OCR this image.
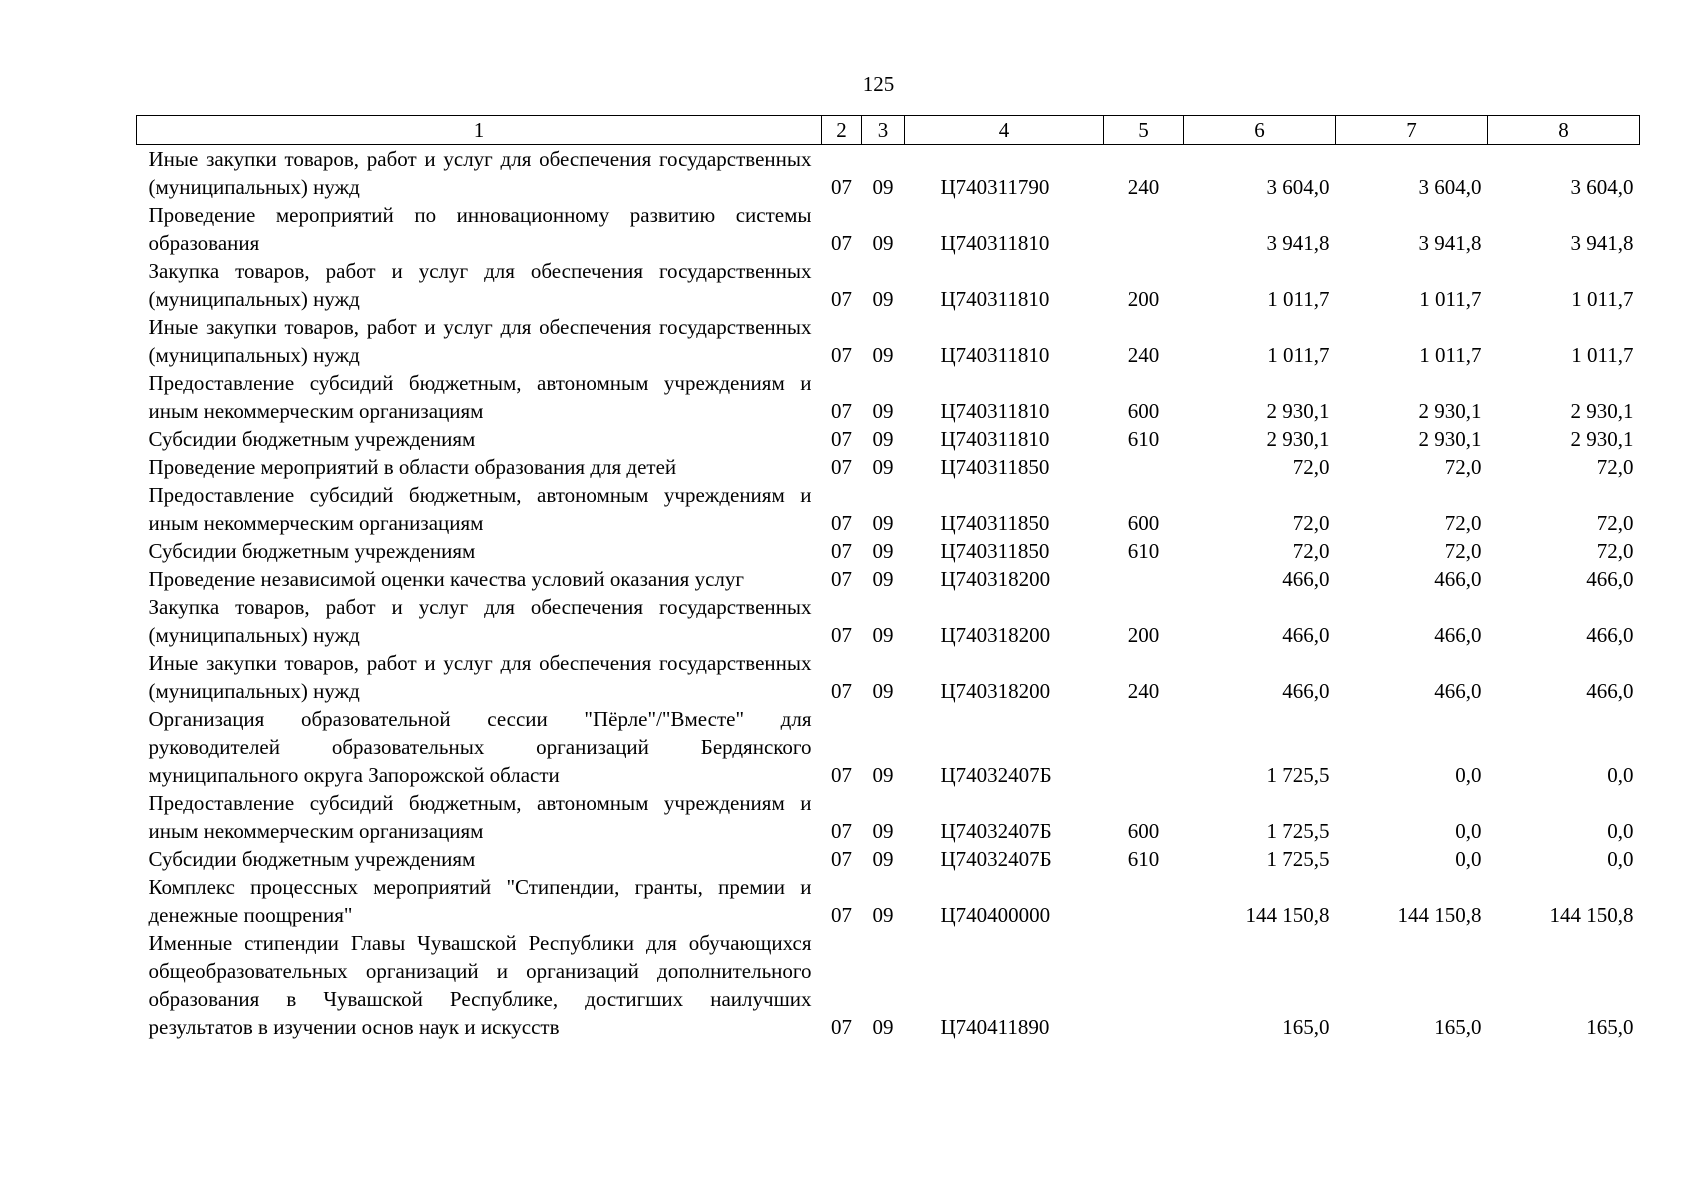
125
1	2	3	4	5	6	7	8
Иные закупки товаров, работ и услуг для обеспечения государственных (муниципальных) нужд	07	09	Ц740311790	240	3 604,0	3 604,0	3 604,0
Проведение мероприятий по инновационному развитию системы образования	07	09	Ц740311810		3 941,8	3 941,8	3 941,8
Закупка товаров, работ и услуг для обеспечения государственных (муниципальных) нужд	07	09	Ц740311810	200	1 011,7	1 011,7	1 011,7
Иные закупки товаров, работ и услуг для обеспечения государственных (муниципальных) нужд	07	09	Ц740311810	240	1 011,7	1 011,7	1 011,7
Предоставление субсидий бюджетным, автономным учреждениям и иным некоммерческим организациям	07	09	Ц740311810	600	2 930,1	2 930,1	2 930,1
Субсидии бюджетным учреждениям	07	09	Ц740311810	610	2 930,1	2 930,1	2 930,1
Проведение мероприятий в области образования для детей	07	09	Ц740311850		72,0	72,0	72,0
Предоставление субсидий бюджетным, автономным учреждениям и иным некоммерческим организациям	07	09	Ц740311850	600	72,0	72,0	72,0
Субсидии бюджетным учреждениям	07	09	Ц740311850	610	72,0	72,0	72,0
Проведение независимой оценки качества условий оказания услуг	07	09	Ц740318200		466,0	466,0	466,0
Закупка товаров, работ и услуг для обеспечения государственных (муниципальных) нужд	07	09	Ц740318200	200	466,0	466,0	466,0
Иные закупки товаров, работ и услуг для обеспечения государственных (муниципальных) нужд	07	09	Ц740318200	240	466,0	466,0	466,0
Организация образовательной сессии "Пёрле"/"Вместе" для руководителей образовательных организаций Бердянского муниципального округа Запорожской области	07	09	Ц74032407Б		1 725,5	0,0	0,0
Предоставление субсидий бюджетным, автономным учреждениям и иным некоммерческим организациям	07	09	Ц74032407Б	600	1 725,5	0,0	0,0
Субсидии бюджетным учреждениям	07	09	Ц74032407Б	610	1 725,5	0,0	0,0
Комплекс процессных мероприятий "Стипендии, гранты, премии и денежные поощрения"	07	09	Ц740400000		144 150,8	144 150,8	144 150,8
Именные стипендии Главы Чувашской Республики для обучающихся общеобразовательных организаций и организаций дополнительного образования в Чувашской Республике, достигших наилучших результатов в изучении основ наук и искусств	07	09	Ц740411890		165,0	165,0	165,0
